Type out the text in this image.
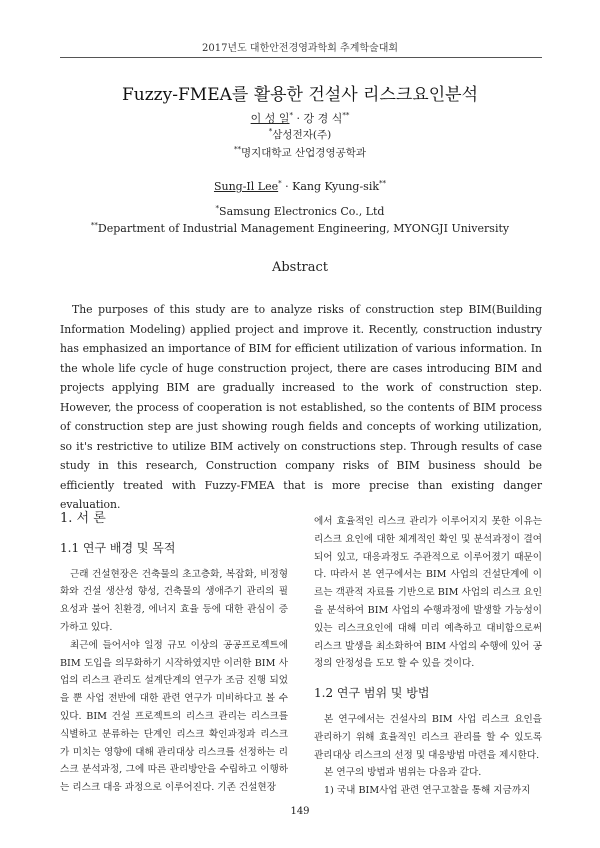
2017년도 대한안전경영과학회 추계학술대회
Fuzzy-FMEA를 활용한 건설사 리스크요인분석
이 성 일* · 강 경 식**
*삼성전자(주)
**명지대학교 산업경영공학과
Sung-Il Lee* · Kang Kyung-sik**
*Samsung Electronics Co., Ltd
**Department of Industrial Management Engineering, MYONGJI University
Abstract

The purposes of this study are to analyze risks of construction step BIM(Building Information Modeling) applied project and improve it. Recently, construction industry has emphasized an importance of BIM for efficient utilization of various information. In the whole life cycle of huge construction project, there are cases introducing BIM and projects applying BIM are gradually increased to the work of construction step. However, the process of cooperation is not established, so the contents of BIM process of construction step are just showing rough fields and concepts of working utilization, so it's restrictive to utilize BIM actively on constructions step. Through results of case study in this research, Construction company risks of BIM business should be efficiently treated with Fuzzy-FMEA that is more precise than existing danger evaluation.

1. 서 론
1.1 연구 배경 및 목적

근래 건설현장은 건축물의 초고층화, 복잡화, 비정형화와 건설 생산성 향성, 건축물의 생애주기 관리의 필요성과 불어 친환경, 에너지 효율 등에 대한 관심이 증가하고 있다.

최근에 들어서야 일정 규모 이상의 공공프로젝트에 BIM 도입을 의무화하기 시작하였지만 이러한 BIM 사업의 리스크 관리도 설계단계의 연구가 조금 진행 되었을 뿐 사업 전반에 대한 관련 연구가 미비하다고 볼 수 있다. BIM 건설 프로젝트의 리스크 관리는 리스크를 식별하고 분류하는 단계인 리스크 확인과정과 리스크가 미치는 영향에 대해 관리대상 리스크를 선정하는 리스크 분석과정, 그에 따른 관리방안을 수립하고 이행하는 리스크 대응 과정으로 이루어진다. 기존 건설현장

에서 효율적인 리스크 관리가 이루어지지 못한 이유는 리스크 요인에 대한 체계적인 확인 및 분석과정이 결여되어 있고, 대응과정도 주관적으로 이루어졌기 때문이다. 따라서 본 연구에서는 BIM 사업의 건설단계에 이르는 객관적 자료를 기반으로 BIM 사업의 리스크 요인을 분석하여 BIM 사업의 수행과정에 발생할 가능성이 있는 리스크요인에 대해 미리 예측하고 대비함으로써 리스크 발생을 최소화하여 BIM 사업의 수행에 있어 공정의 안정성을 도모 할 수 있을 것이다.

1.2 연구 범위 및 방법

본 연구에서는 건설사의 BIM 사업 리스크 요인을 관리하기 위해 효율적인 리스크 관리를 할 수 있도록 관리대상 리스크의 선정 및 대응방법 마련을 제시한다.

본 연구의 방법과 범위는 다음과 같다.

1) 국내 BIM사업 관련 연구고찰을 통해 지금까지

149
